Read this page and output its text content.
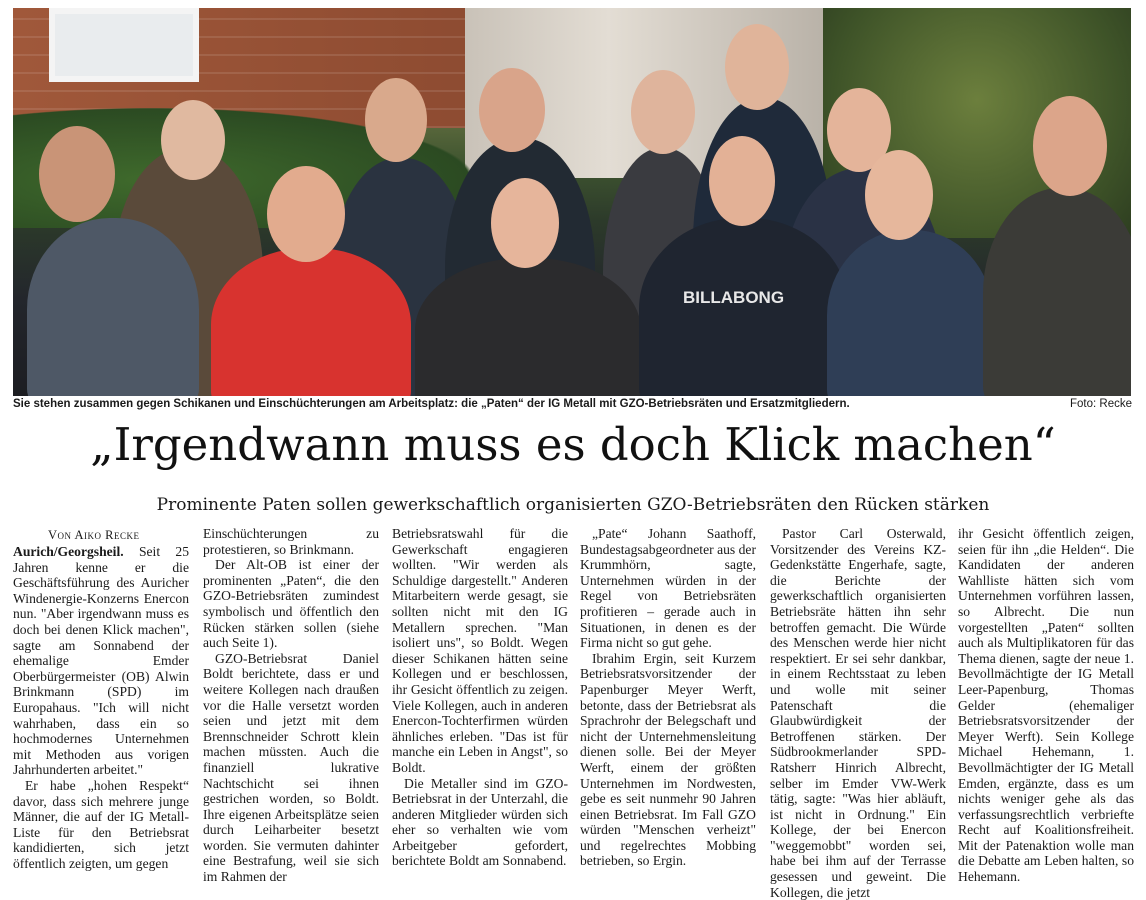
BILLABONG
Sie stehen zusammen gegen Schikanen und Einschüchterungen am Arbeitsplatz: die „Paten“ der IG Metall mit GZO-Betriebsräten und Ersatzmitgliedern.	Foto: Recke
„Irgendwann muss es doch Klick machen“
Prominente Paten sollen gewerkschaftlich organisierten GZO-Betriebsräten den Rücken stärken
Von Aiko Recke

Aurich/Georgsheil. Seit 25 Jahren kenne er die Geschäftsführung des Auricher Windenergie-Konzerns Enercon nun. "Aber irgendwann muss es doch bei denen Klick machen", sagte am Sonnabend der ehemalige Emder Oberbürgermeister (OB) Alwin Brinkmann (SPD) im Europahaus. "Ich will nicht wahrhaben, dass ein so hochmodernes Unternehmen mit Methoden aus vorigen Jahrhunderten arbeitet."

Er habe „hohen Respekt“ davor, dass sich mehrere junge Männer, die auf der IG Metall-Liste für den Betriebsrat kandidierten, sich jetzt öffentlich zeigten, um gegen

Einschüchterungen zu protestieren, so Brinkmann.

Der Alt-OB ist einer der prominenten „Paten“, die den GZO-Betriebsräten zumindest symbolisch und öffentlich den Rücken stärken sollen (siehe auch Seite 1).

GZO-Betriebsrat Daniel Boldt berichtete, dass er und weitere Kollegen nach draußen vor die Halle versetzt worden seien und jetzt mit dem Brennschneider Schrott klein machen müssten. Auch die finanziell lukrative Nachtschicht sei ihnen gestrichen worden, so Boldt. Ihre eigenen Arbeitsplätze seien durch Leiharbeiter besetzt worden. Sie vermuten dahinter eine Bestrafung, weil sie sich im Rahmen der

Betriebsratswahl für die Gewerkschaft engagieren wollten. "Wir werden als Schuldige dargestellt." Anderen Mitarbeitern werde gesagt, sie sollten nicht mit den IG Metallern sprechen. "Man isoliert uns", so Boldt. Wegen dieser Schikanen hätten seine Kollegen und er beschlossen, ihr Gesicht öffentlich zu zeigen. Viele Kollegen, auch in anderen Enercon-Tochterfirmen würden ähnliches erleben. "Das ist für manche ein Leben in Angst", so Boldt.

Die Metaller sind im GZO-Betriebsrat in der Unterzahl, die anderen Mitglieder würden sich eher so verhalten wie vom Arbeitgeber gefordert, berichtete Boldt am Sonnabend.

„Pate“ Johann Saathoff, Bundestagsabgeordneter aus der Krummhörn, sagte, Unternehmen würden in der Regel von Betriebsräten profitieren – gerade auch in Situationen, in denen es der Firma nicht so gut gehe.

Ibrahim Ergin, seit Kurzem Betriebsratsvorsitzender der Papenburger Meyer Werft, betonte, dass der Betriebsrat als Sprachrohr der Belegschaft und nicht der Unternehmensleitung dienen solle. Bei der Meyer Werft, einem der größten Unternehmen im Nordwesten, gebe es seit nunmehr 90 Jahren einen Betriebsrat. Im Fall GZO würden "Menschen verheizt" und regelrechtes Mobbing betrieben, so Ergin.

Pastor Carl Osterwald, Vorsitzender des Vereins KZ-Gedenkstätte Engerhafe, sagte, die Berichte der gewerkschaftlich organisierten Betriebsräte hätten ihn sehr betroffen gemacht. Die Würde des Menschen werde hier nicht respektiert. Er sei sehr dankbar, in einem Rechtsstaat zu leben und wolle mit seiner Patenschaft die Glaubwürdigkeit der Betroffenen stärken. Der Südbrookmerlander SPD-Ratsherr Hinrich Albrecht, selber im Emder VW-Werk tätig, sagte: "Was hier abläuft, ist nicht in Ordnung." Ein Kollege, der bei Enercon "weggemobbt" worden sei, habe bei ihm auf der Terrasse gesessen und geweint. Die Kollegen, die jetzt

ihr Gesicht öffentlich zeigen, seien für ihn „die Helden“. Die Kandidaten der anderen Wahlliste hätten sich vom Unternehmen vorführen lassen, so Albrecht. Die nun vorgestellten „Paten“ sollten auch als Multiplikatoren für das Thema dienen, sagte der neue 1. Bevollmächtigte der IG Metall Leer-Papenburg, Thomas Gelder (ehemaliger Betriebsratsvorsitzender der Meyer Werft). Sein Kollege Michael Hehemann, 1. Bevollmächtigter der IG Metall Emden, ergänzte, dass es um nichts weniger gehe als das verfassungsrechtlich verbriefte Recht auf Koalitionsfreiheit. Mit der Patenaktion wolle man die Debatte am Leben halten, so Hehemann.
